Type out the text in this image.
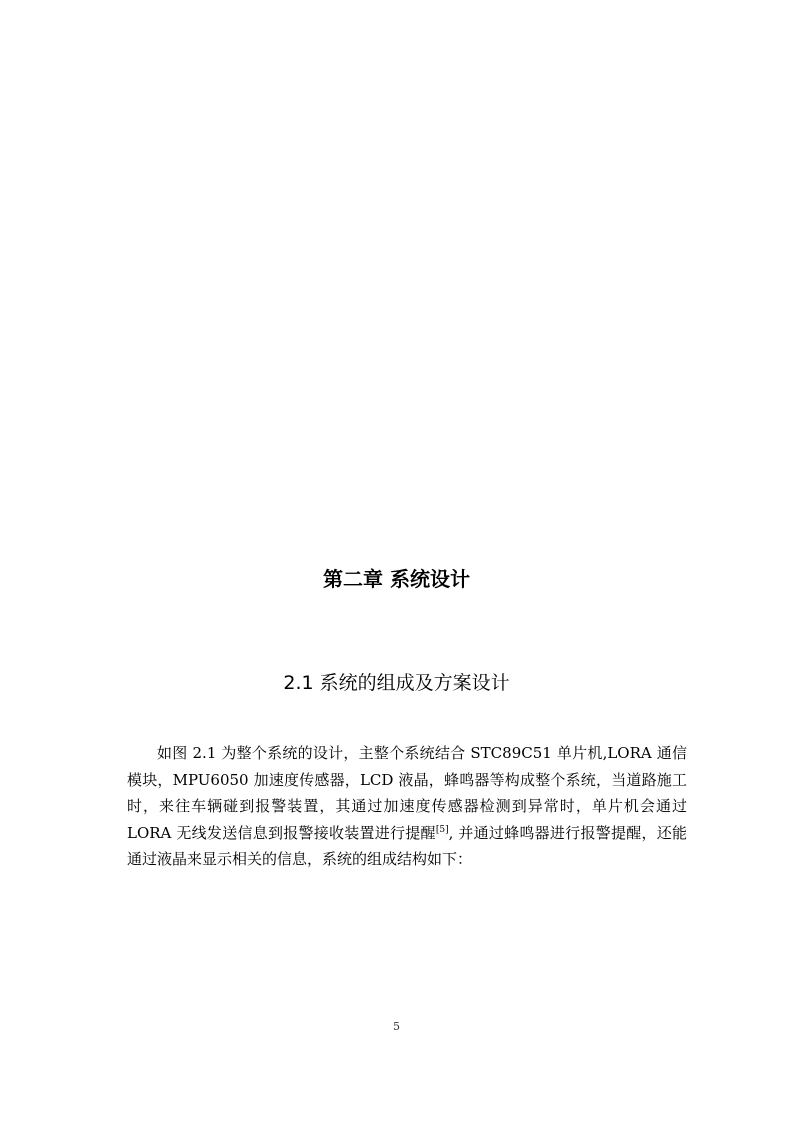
第二章 系统设计
2.1 系统的组成及方案设计

如图 2.1 为整个系统的设计，主整个系统结合 STC89C51 单片机,LORA 通信模块，MPU6050 加速度传感器，LCD 液晶，蜂鸣器等构成整个系统，当道路施工时，来往车辆碰到报警装置，其通过加速度传感器检测到异常时，单片机会通过 LORA 无线发送信息到报警接收装置进行提醒[5], 并通过蜂鸣器进行报警提醒，还能通过液晶来显示相关的信息，系统的组成结构如下：

5
